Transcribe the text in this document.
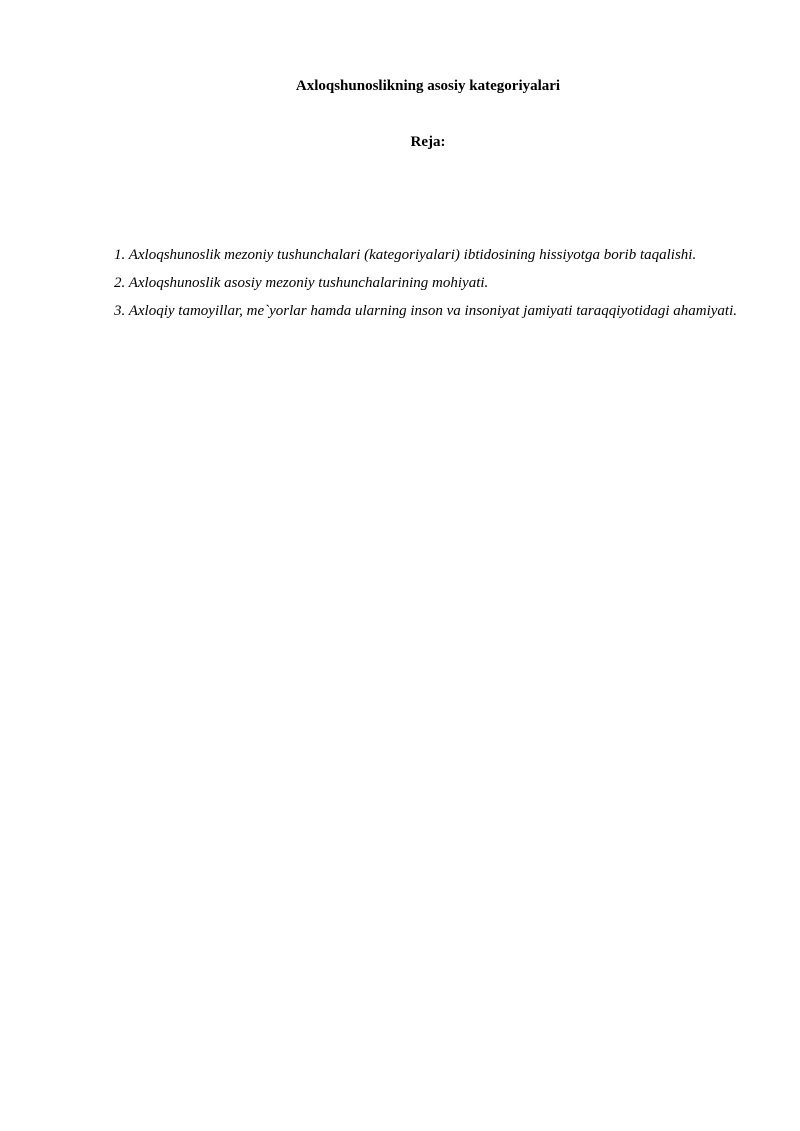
Axloqshunoslikning asosiy kategoriyalari
Reja:
1. Axloqshunoslik mezoniy tushunchalari (kategoriyalari) ibtidosining hissiyotga borib taqalishi.
2. Axloqshunoslik asosiy mezoniy tushunchalarining mohiyati.
3. Axloqiy tamoyillar, me`yorlar hamda ularning inson va insoniyat jamiyati taraqqiyotidagi ahamiyati.
